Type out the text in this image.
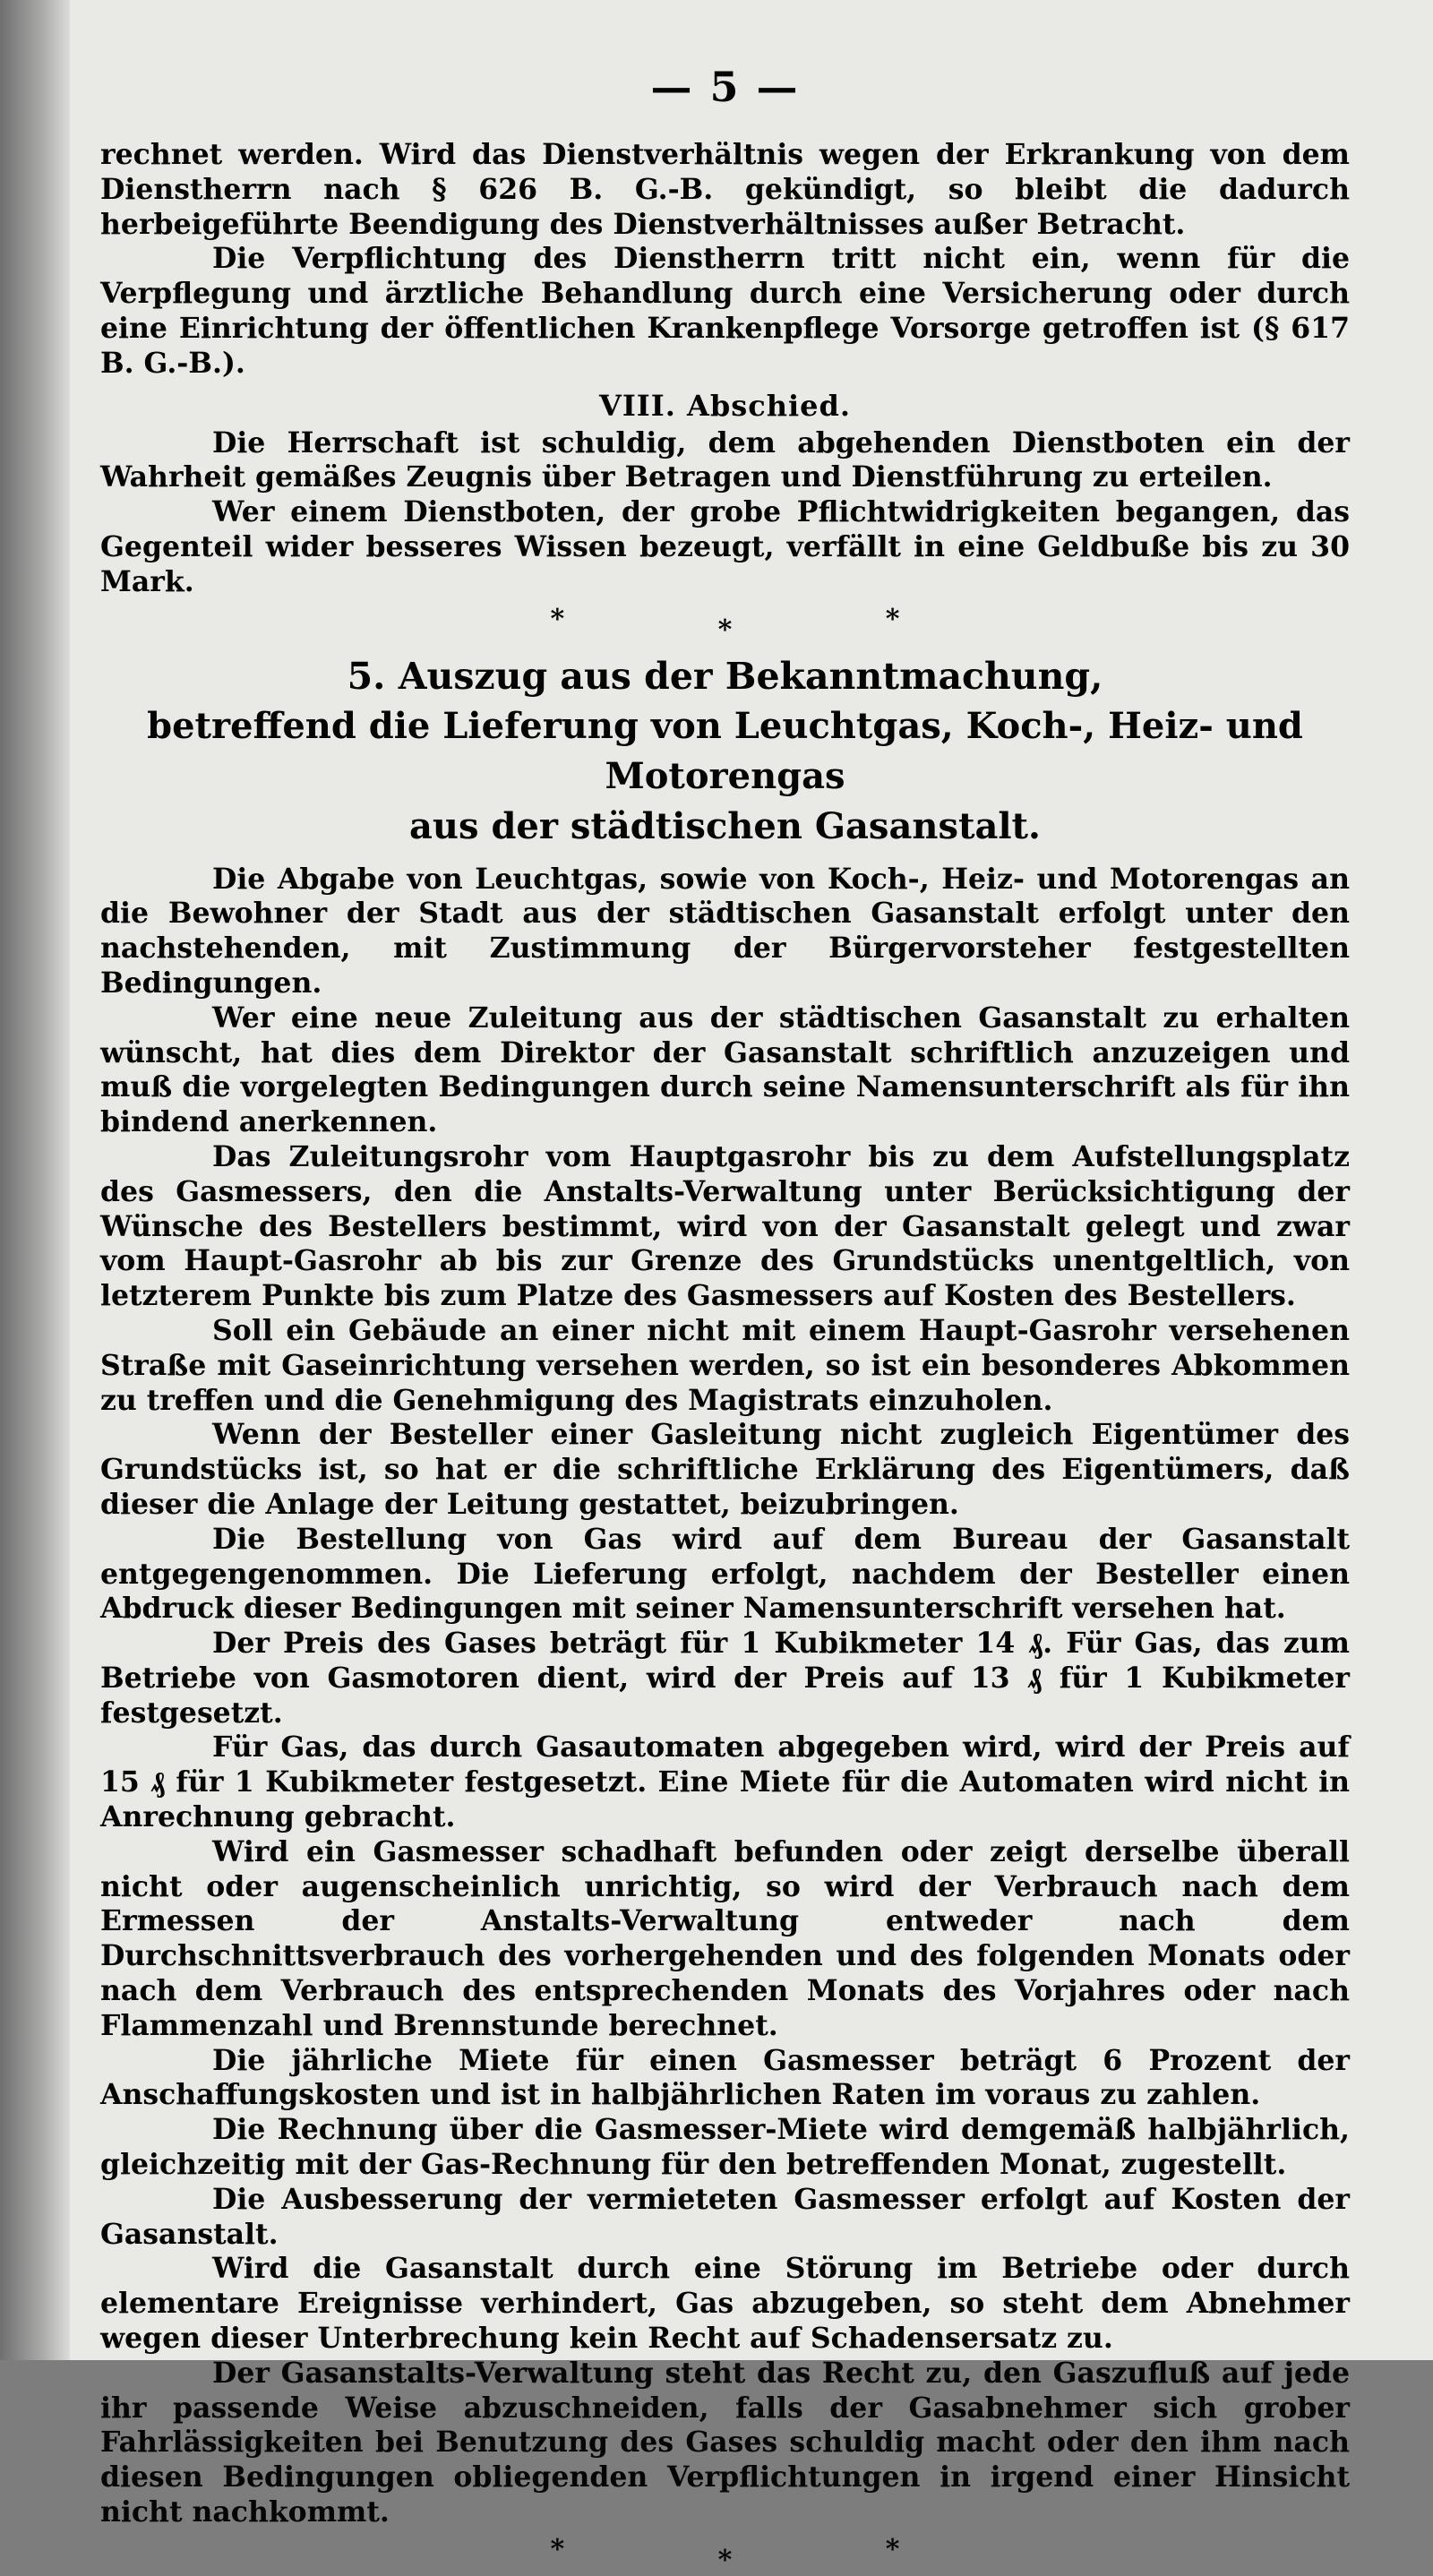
— 5 —

rechnet werden. Wird das Dienstverhältnis wegen der Erkrankung von dem Dienstherrn nach § 626 B. G.-B. gekündigt, so bleibt die dadurch herbeigeführte Beendigung des Dienstverhältnisses außer Betracht.

Die Verpflichtung des Dienstherrn tritt nicht ein, wenn für die Verpflegung und ärztliche Behandlung durch eine Versicherung oder durch eine Einrichtung der öffentlichen Krankenpflege Vorsorge getroffen ist (§ 617 B. G.-B.).

VIII. Abschied.

Die Herrschaft ist schuldig, dem abgehenden Dienstboten ein der Wahrheit gemäßes Zeugnis über Betragen und Dienstführung zu erteilen.

Wer einem Dienstboten, der grobe Pflichtwidrigkeiten begangen, das Gegenteil wider besseres Wissen bezeugt, verfällt in eine Geldbuße bis zu 30 Mark.

*	*	*
5. Auszug aus der Bekanntmachung,
betreffend die Lieferung von Leuchtgas, Koch-, Heiz- und Motorengas
aus der städtischen Gasanstalt.

Die Abgabe von Leuchtgas, sowie von Koch-, Heiz- und Motorengas an die Bewohner der Stadt aus der städtischen Gasanstalt erfolgt unter den nachstehenden, mit Zustimmung der Bürgervorsteher festgestellten Bedingungen.

Wer eine neue Zuleitung aus der städtischen Gasanstalt zu erhalten wünscht, hat dies dem Direktor der Gasanstalt schriftlich anzuzeigen und muß die vorgelegten Bedingungen durch seine Namensunterschrift als für ihn bindend anerkennen.

Das Zuleitungsrohr vom Hauptgasrohr bis zu dem Aufstellungsplatz des Gasmessers, den die Anstalts-Verwaltung unter Berücksichtigung der Wünsche des Bestellers bestimmt, wird von der Gasanstalt gelegt und zwar vom Haupt-Gasrohr ab bis zur Grenze des Grundstücks unentgeltlich, von letzterem Punkte bis zum Platze des Gasmessers auf Kosten des Bestellers.

Soll ein Gebäude an einer nicht mit einem Haupt-Gasrohr versehenen Straße mit Gaseinrichtung versehen werden, so ist ein besonderes Abkommen zu treffen und die Genehmigung des Magistrats einzuholen.

Wenn der Besteller einer Gasleitung nicht zugleich Eigentümer des Grundstücks ist, so hat er die schriftliche Erklärung des Eigentümers, daß dieser die Anlage der Leitung gestattet, beizubringen.

Die Bestellung von Gas wird auf dem Bureau der Gasanstalt entgegengenommen. Die Lieferung erfolgt, nachdem der Besteller einen Abdruck dieser Bedingungen mit seiner Namensunterschrift versehen hat.

Der Preis des Gases beträgt für 1 Kubikmeter 14 ₰. Für Gas, das zum Betriebe von Gasmotoren dient, wird der Preis auf 13 ₰ für 1 Kubikmeter festgesetzt.

Für Gas, das durch Gasautomaten abgegeben wird, wird der Preis auf 15 ₰ für 1 Kubikmeter festgesetzt. Eine Miete für die Automaten wird nicht in Anrechnung gebracht.

Wird ein Gasmesser schadhaft befunden oder zeigt derselbe überall nicht oder augenscheinlich unrichtig, so wird der Verbrauch nach dem Ermessen der Anstalts-Verwaltung entweder nach dem Durchschnittsverbrauch des vorhergehenden und des folgenden Monats oder nach dem Verbrauch des entsprechenden Monats des Vorjahres oder nach Flammenzahl und Brennstunde berechnet.

Die jährliche Miete für einen Gasmesser beträgt 6 Prozent der Anschaffungskosten und ist in halbjährlichen Raten im voraus zu zahlen.

Die Rechnung über die Gasmesser-Miete wird demgemäß halbjährlich, gleichzeitig mit der Gas-Rechnung für den betreffenden Monat, zugestellt.

Die Ausbesserung der vermieteten Gasmesser erfolgt auf Kosten der Gasanstalt.

Wird die Gasanstalt durch eine Störung im Betriebe oder durch elementare Ereignisse verhindert, Gas abzugeben, so steht dem Abnehmer wegen dieser Unterbrechung kein Recht auf Schadensersatz zu.

Der Gasanstalts-Verwaltung steht das Recht zu, den Gaszufluß auf jede ihr passende Weise abzuschneiden, falls der Gasabnehmer sich grober Fahrlässigkeiten bei Benutzung des Gases schuldig macht oder den ihm nach diesen Bedingungen obliegenden Verpflichtungen in irgend einer Hinsicht nicht nachkommt.

*	*	*
